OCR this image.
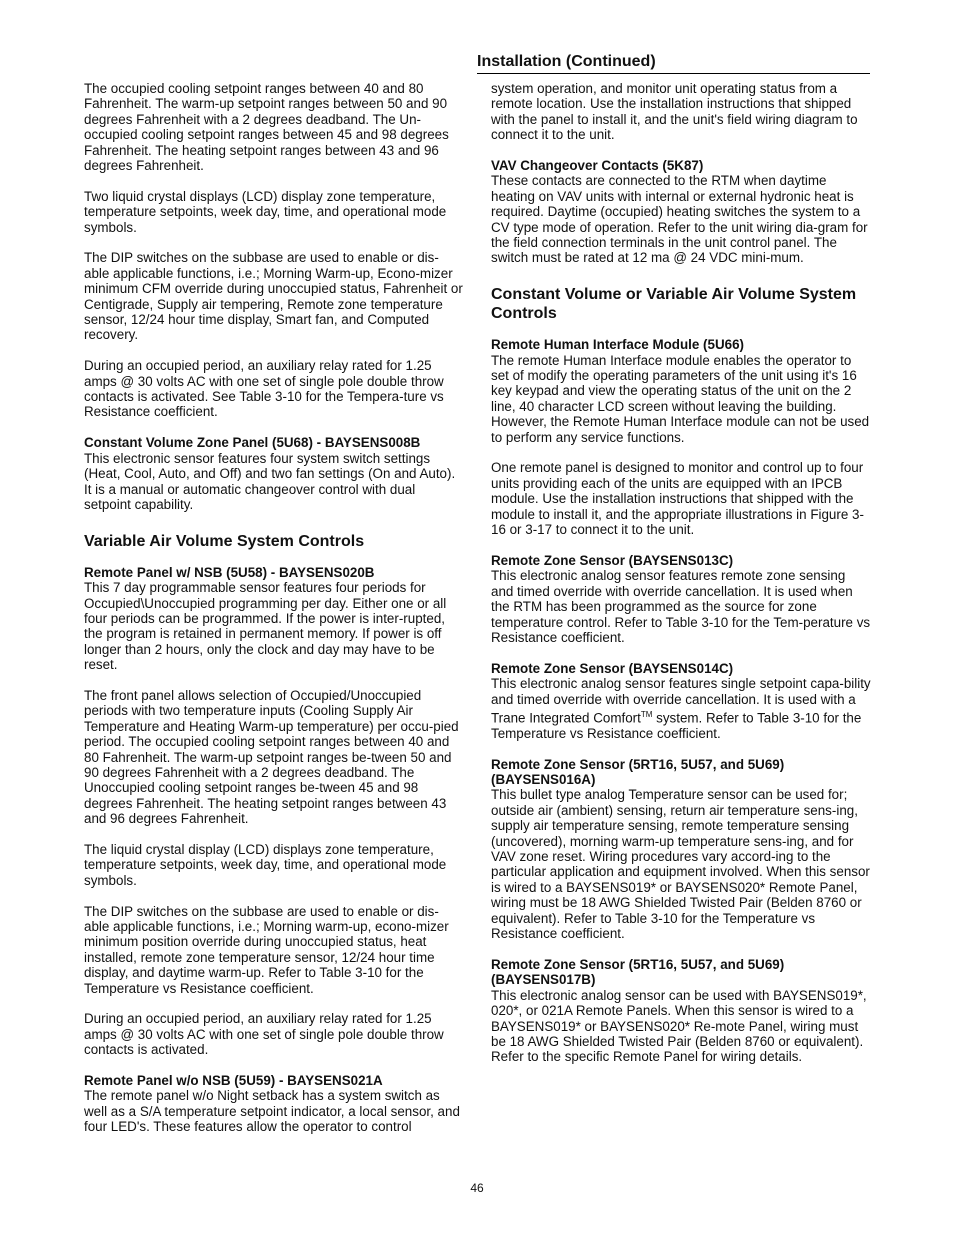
Installation (Continued)

The occupied cooling setpoint ranges between 40 and 80 Fahrenheit. The warm-up setpoint ranges between 50 and 90 degrees Fahrenheit with a 2 degrees deadband. The Un-occupied cooling setpoint ranges between 45 and 98 degrees Fahrenheit. The heating setpoint ranges between 43 and 96 degrees Fahrenheit.

Two liquid crystal displays (LCD) display zone temperature, temperature setpoints, week day, time, and operational mode symbols.

The DIP switches on the subbase are used to enable or dis-able applicable functions, i.e.; Morning Warm-up, Econo-mizer minimum CFM override during unoccupied status, Fahrenheit or Centigrade, Supply air tempering, Remote zone temperature sensor, 12/24 hour time display, Smart fan, and Computed recovery.

During an occupied period, an auxiliary relay rated for 1.25 amps @ 30 volts AC with one set of single pole double throw contacts is activated. See Table 3-10 for the Tempera-ture vs Resistance coefficient.

Constant Volume Zone Panel (5U68) - BAYSENS008B

This electronic sensor features four system switch settings (Heat, Cool, Auto, and Off) and two fan settings (On and Auto). It is a manual or automatic changeover control with dual setpoint capability.

Variable Air Volume System Controls

Remote Panel w/ NSB (5U58) - BAYSENS020B

This 7 day programmable sensor features four periods for Occupied\Unoccupied programming per day. Either one or all four periods can be programmed. If the power is inter-rupted, the program is retained in permanent memory. If power is off longer than 2 hours, only the clock and day may have to be reset.

The front panel allows selection of Occupied/Unoccupied periods with two temperature inputs (Cooling Supply Air Temperature and Heating Warm-up temperature) per occu-pied period. The occupied cooling setpoint ranges between 40 and 80 Fahrenheit. The warm-up setpoint ranges be-tween 50 and 90 degrees Fahrenheit with a 2 degrees deadband. The Unoccupied cooling setpoint ranges be-tween 45 and 98 degrees Fahrenheit. The heating setpoint ranges between 43 and 96 degrees Fahrenheit.

The liquid crystal display (LCD) displays zone temperature, temperature setpoints, week day, time, and operational mode symbols.

The DIP switches on the subbase are used to enable or dis-able applicable functions, i.e.; Morning warm-up, econo-mizer minimum position override during unoccupied status, heat installed, remote zone temperature sensor, 12/24 hour time display, and daytime warm-up. Refer to Table 3-10 for the Temperature vs Resistance coefficient.

During an occupied period, an auxiliary relay rated for 1.25 amps @ 30 volts AC with one set of single pole double throw contacts is activated.

Remote Panel w/o NSB (5U59) - BAYSENS021A

The remote panel w/o Night setback has a system switch as well as a S/A temperature setpoint indicator, a local sensor, and four LED's. These features allow the operator to control

system operation, and monitor unit operating status from a remote location. Use the installation instructions that shipped with the panel to install it, and the unit's field wiring diagram to connect it to the unit.

VAV Changeover Contacts (5K87)

These contacts are connected to the RTM when daytime heating on VAV units with internal or external hydronic heat is required. Daytime (occupied) heating switches the system to a CV type mode of operation. Refer to the unit wiring dia-gram for the field connection terminals in the unit control panel. The switch must be rated at 12 ma @ 24 VDC mini-mum.

Constant Volume or Variable Air Volume System Controls

Remote Human Interface Module (5U66)

The remote Human Interface module enables the operator to set of modify the operating parameters of the unit using it's 16 key keypad and view the operating status of the unit on the 2 line, 40 character LCD screen without leaving the building. However, the Remote Human Interface module can not be used to perform any service functions.

One remote panel is designed to monitor and control up to four units providing each of the units are equipped with an IPCB module. Use the installation instructions that shipped with the module to install it, and the appropriate illustrations in Figure 3-16 or 3-17 to connect it to the unit.

Remote Zone Sensor (BAYSENS013C)

This electronic analog sensor features remote zone sensing and timed override with override cancellation. It is used when the RTM has been programmed as the source for zone temperature control. Refer to Table 3-10 for the Tem-perature vs Resistance coefficient.

Remote Zone Sensor (BAYSENS014C)

This electronic analog sensor features single setpoint capa-bility and timed override with override cancellation. It is used with a Trane Integrated Comfort™ system. Refer to Table 3-10 for the Temperature vs Resistance coefficient.

Remote Zone Sensor (5RT16, 5U57, and 5U69)

(BAYSENS016A)

This bullet type analog Temperature sensor can be used for; outside air (ambient) sensing, return air temperature sens-ing, supply air temperature sensing, remote temperature sensing (uncovered), morning warm-up temperature sens-ing, and for VAV zone reset. Wiring procedures vary accord-ing to the particular application and equipment involved. When this sensor is wired to a BAYSENS019* or BAYSENS020* Remote Panel, wiring must be 18 AWG Shielded Twisted Pair (Belden 8760 or equivalent). Refer to Table 3-10 for the Temperature vs Resistance coefficient.

Remote Zone Sensor (5RT16, 5U57, and 5U69)

(BAYSENS017B)

This electronic analog sensor can be used with BAYSENS019*, 020*, or 021A Remote Panels. When this sensor is wired to a BAYSENS019* or BAYSENS020* Re-mote Panel, wiring must be 18 AWG Shielded Twisted Pair (Belden 8760 or equivalent). Refer to the specific Remote Panel for wiring details.

46
